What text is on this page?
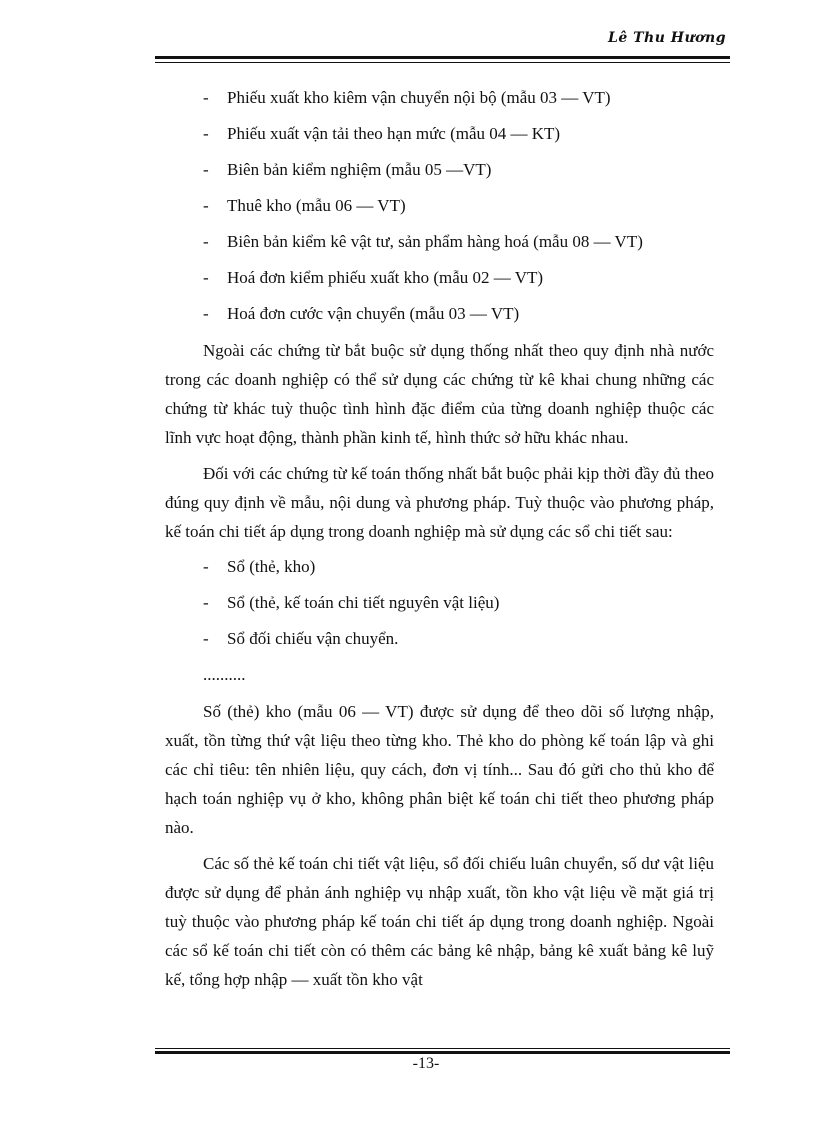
Lê Thu Hương
- Phiếu xuất kho kiêm vận chuyển nội bộ (mẫu 03 — VT)
- Phiếu xuất vận tải theo hạn mức (mẫu 04 — KT)
- Biên bản kiểm nghiệm (mẫu 05 —VT)
- Thuê kho (mẫu 06 — VT)
- Biên bản kiểm kê vật tư, sản phẩm hàng hoá (mẫu 08 — VT)
- Hoá đơn kiểm phiếu xuất kho (mẫu 02 — VT)
- Hoá đơn cước vận chuyển (mẫu 03 — VT)

Ngoài các chứng từ bắt buộc sử dụng thống nhất theo quy định nhà nước trong các doanh nghiệp có thể sử dụng các chứng từ kê khai chung những các chứng từ khác tuỳ thuộc tình hình đặc điểm của từng doanh nghiệp thuộc các lĩnh vực hoạt động, thành phần kinh tế, hình thức sở hữu khác nhau.

Đối với các chứng từ kế toán thống nhất bắt buộc phải kịp thời đầy đủ theo đúng quy định về mẫu, nội dung và phương pháp. Tuỳ thuộc vào phương pháp, kế toán chi tiết áp dụng trong doanh nghiệp mà sử dụng các sổ chi tiết sau:

- Sổ (thẻ, kho)
- Sổ (thẻ, kế toán chi tiết nguyên vật liệu)
- Sổ đối chiếu vận chuyển.
..........

Số (thẻ) kho (mẫu 06 — VT) được sử dụng để theo dõi số lượng nhập, xuất, tồn từng thứ vật liệu theo từng kho. Thẻ kho do phòng kế toán lập và ghi các chỉ tiêu: tên nhiên liệu, quy cách, đơn vị tính... Sau đó gửi cho thủ kho để hạch toán nghiệp vụ ở kho, không phân biệt kế toán chi tiết theo phương pháp nào.

Các số thẻ kế toán chi tiết vật liệu, sổ đối chiếu luân chuyển, số dư vật liệu được sử dụng để phản ánh nghiệp vụ nhập xuất, tồn kho vật liệu về mặt giá trị tuỳ thuộc vào phương pháp kế toán chi tiết áp dụng trong doanh nghiệp. Ngoài các sổ kế toán chi tiết còn có thêm các bảng kê nhập, bảng kê xuất bảng kê luỹ kế, tổng hợp nhập — xuất tồn kho vật

-13-
